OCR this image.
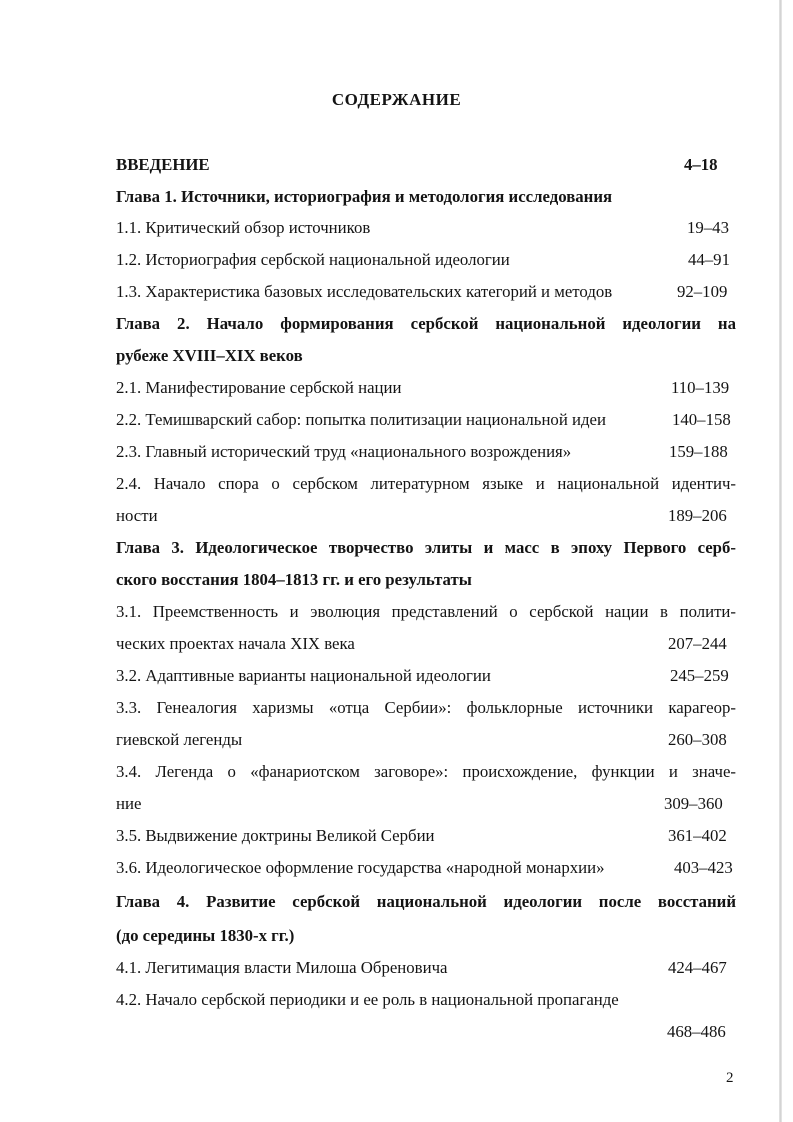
СОДЕРЖАНИЕ
ВВЕДЕНИЕ	4–18
Глава 1. Источники, историография и методология исследования
1.1. Критический обзор источников	19–43
1.2. Историография сербской национальной идеологии	44–91
1.3. Характеристика базовых исследовательских категорий и методов	92–109
Глава 2. Начало формирования сербской национальной идеологии на
рубеже XVIII–XIX веков
2.1. Манифестирование сербской нации	110–139
2.2. Темишварский сабор: попытка политизации национальной идеи	140–158
2.3. Главный исторический труд «национального возрождения»	159–188
2.4. Начало спора о сербском литературном языке и национальной идентич-
ности	189–206
Глава 3. Идеологическое творчество элиты и масс в эпоху Первого серб-
ского восстания 1804–1813 гг. и его результаты
3.1. Преемственность и эволюция представлений о сербской нации в полити-
ческих проектах начала XIX века	207–244
3.2. Адаптивные варианты национальной идеологии	245–259
3.3. Генеалогия харизмы «отца Сербии»: фольклорные источники карагеор-
гиевской легенды	260–308
3.4. Легенда о «фанариотском заговоре»: происхождение, функции и значе-
ние	309–360
3.5. Выдвижение доктрины Великой Сербии	361–402
3.6. Идеологическое оформление государства «народной монархии»	403–423
Глава 4. Развитие сербской национальной идеологии после восстаний
(до середины 1830-х гг.)
4.1. Легитимация власти Милоша Обреновича	424–467
4.2. Начало сербской периодики и ее роль в национальной пропаганде
468–486
2
